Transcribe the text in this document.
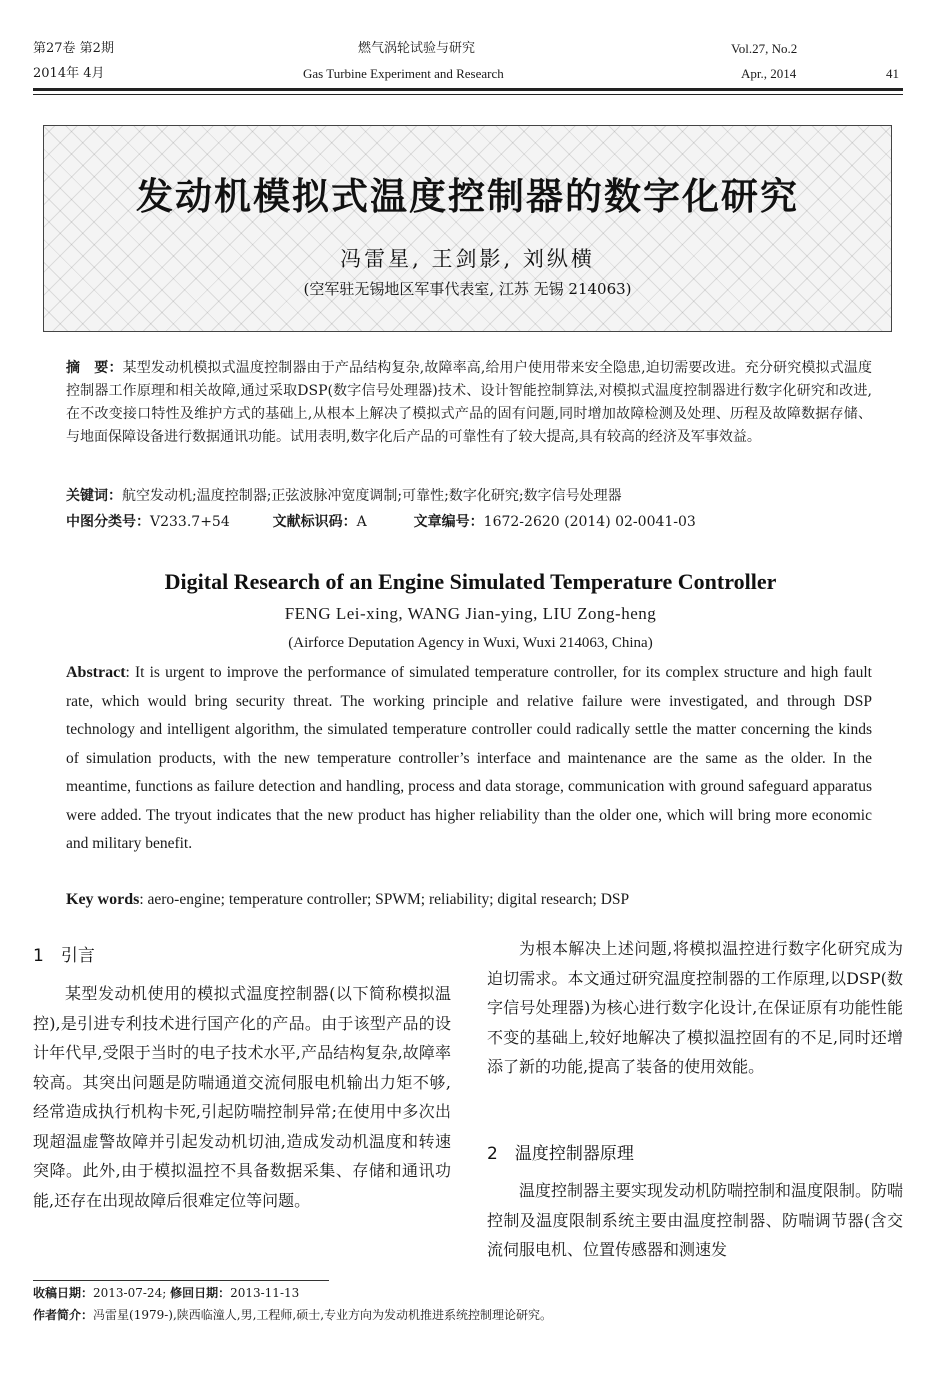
第27卷 第2期
2014年 4月
燃气涡轮试验与研究
Gas Turbine Experiment and Research
Vol.27, No.2
Apr., 2014	41
发动机模拟式温度控制器的数字化研究
冯雷星, 王剑影, 刘纵横
(空军驻无锡地区军事代表室, 江苏 无锡 214063)
摘　要：某型发动机模拟式温度控制器由于产品结构复杂,故障率高,给用户使用带来安全隐患,迫切需要改进。充分研究模拟式温度控制器工作原理和相关故障,通过采取DSP(数字信号处理器)技术、设计智能控制算法,对模拟式温度控制器进行数字化研究和改进,在不改变接口特性及维护方式的基础上,从根本上解决了模拟式产品的固有问题,同时增加故障检测及处理、历程及故障数据存储、与地面保障设备进行数据通讯功能。试用表明,数字化后产品的可靠性有了较大提高,具有较高的经济及军事效益。
关键词：航空发动机;温度控制器;正弦波脉冲宽度调制;可靠性;数字化研究;数字信号处理器
中图分类号：V233.7+54	文献标识码：A	文章编号：1672-2620 (2014) 02-0041-03
Digital Research of an Engine Simulated Temperature Controller
FENG Lei-xing, WANG Jian-ying, LIU Zong-heng
(Airforce Deputation Agency in Wuxi, Wuxi 214063, China)
Abstract: It is urgent to improve the performance of simulated temperature controller, for its complex structure and high fault rate, which would bring security threat. The working principle and relative failure were investigated, and through DSP technology and intelligent algorithm, the simulated temperature controller could radically settle the matter concerning the kinds of simulation products, with the new temperature controller’s interface and maintenance are the same as the older. In the meantime, functions as failure detection and handling, process and data storage, communication with ground safeguard apparatus were added. The tryout indicates that the new product has higher reliability than the older one, which will bring more economic and military benefit.
Key words: aero-engine; temperature controller; SPWM; reliability; digital research; DSP
1　引言
某型发动机使用的模拟式温度控制器(以下简称模拟温控),是引进专利技术进行国产化的产品。由于该型产品的设计年代早,受限于当时的电子技术水平,产品结构复杂,故障率较高。其突出问题是防喘通道交流伺服电机输出力矩不够,经常造成执行机构卡死,引起防喘控制异常;在使用中多次出现超温虚警故障并引起发动机切油,造成发动机温度和转速突降。此外,由于模拟温控不具备数据采集、存储和通讯功能,还存在出现故障后很难定位等问题。
为根本解决上述问题,将模拟温控进行数字化研究成为迫切需求。本文通过研究温度控制器的工作原理,以DSP(数字信号处理器)为核心进行数字化设计,在保证原有功能性能不变的基础上,较好地解决了模拟温控固有的不足,同时还增添了新的功能,提高了装备的使用效能。
2　温度控制器原理
温度控制器主要实现发动机防喘控制和温度限制。防喘控制及温度限制系统主要由温度控制器、防喘调节器(含交流伺服电机、位置传感器和测速发
收稿日期：2013-07-24; 修回日期：2013-11-13
作者简介：冯雷星(1979-),陕西临潼人,男,工程师,硕士,专业方向为发动机推进系统控制理论研究。
